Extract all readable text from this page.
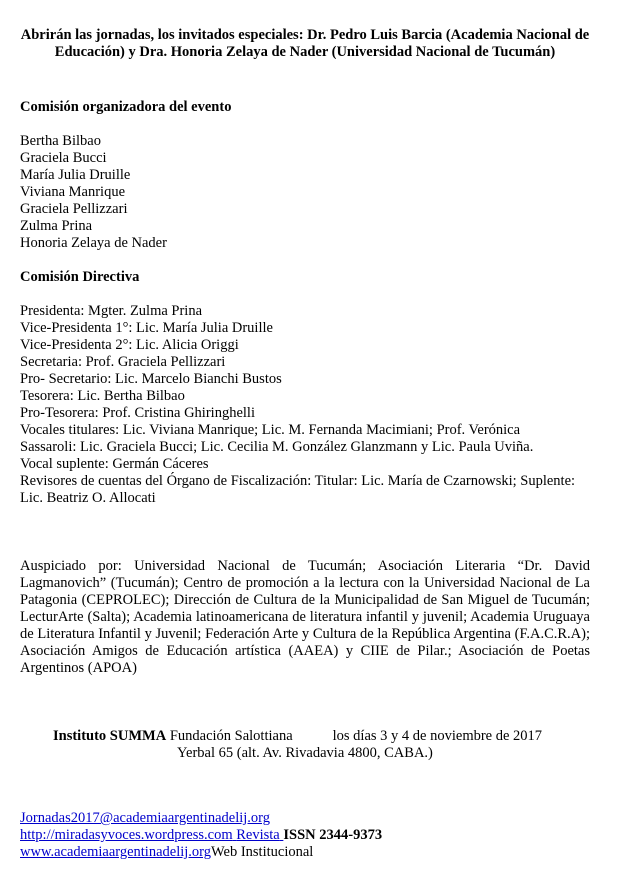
Abrirán las jornadas, los invitados especiales: Dr. Pedro Luis Barcia (Academia Nacional de Educación) y Dra. Honoria Zelaya de Nader (Universidad Nacional de Tucumán)
Comisión organizadora del evento
Bertha Bilbao
Graciela Bucci
María Julia Druille
Viviana Manrique
Graciela Pellizzari
Zulma Prina
Honoria Zelaya de Nader
Comisión Directiva
Presidenta: Mgter. Zulma Prina
Vice-Presidenta 1°: Lic. María Julia Druille
Vice-Presidenta 2°: Lic. Alicia Origgi
Secretaria: Prof. Graciela Pellizzari
Pro- Secretario: Lic. Marcelo Bianchi Bustos
Tesorera: Lic. Bertha Bilbao
Pro-Tesorera: Prof. Cristina Ghiringhelli
Vocales titulares: Lic. Viviana Manrique; Lic. M. Fernanda Macimiani; Prof. Verónica
Sassaroli: Lic. Graciela Bucci; Lic. Cecilia M. González Glanzmann y Lic. Paula Uviña.
Vocal suplente: Germán Cáceres
Revisores de cuentas del Órgano de Fiscalización: Titular: Lic. María de Czarnowski; Suplente:
Lic. Beatriz O. Allocati
Auspiciado por: Universidad Nacional de Tucumán; Asociación Literaria “Dr. David Lagmanovich” (Tucumán); Centro de promoción a la lectura con la Universidad Nacional de La Patagonia (CEPROLEC); Dirección de Cultura de la Municipalidad de San Miguel de Tucumán; LecturArte (Salta); Academia latinoamericana de literatura infantil y juvenil; Academia Uruguaya de Literatura Infantil y Juvenil; Federación Arte y Cultura de la República Argentina (F.A.C.R.A); Asociación Amigos de Educación artística (AAEA) y CIIE de Pilar.; Asociación de Poetas Argentinos (APOA)
Instituto SUMMA Fundación Salottiana	los días 3 y 4 de noviembre de 2017
Yerbal 65 (alt. Av. Rivadavia 4800, CABA.)
Jornadas2017@academiaargentinadelij.org
http://miradasyvoces.wordpress.com Revista ISSN 2344-9373
www.academiaargentinadelij.orgWeb Institucional
